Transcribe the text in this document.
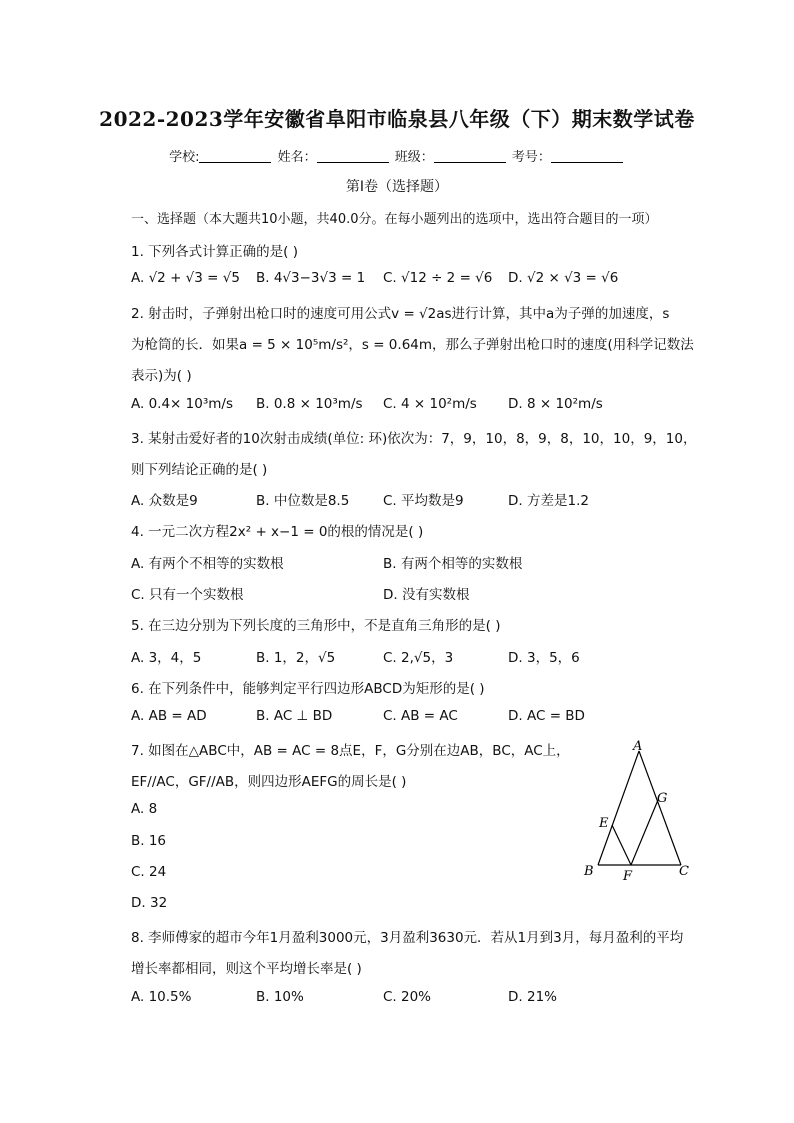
2022-2023学年安徽省阜阳市临泉县八年级（下）期末数学试卷
学校:	姓名：	班级：	考号：
第I卷（选择题）
一、选择题（本大题共10小题，共40.0分。在每小题列出的选项中，选出符合题目的一项）
1. 下列各式计算正确的是( )
A. √2 + √3 = √5 B. 4√3−3√3 = 1 C. √12 ÷ 2 = √6 D. √2 × √3 = √6
2. 射击时，子弹射出枪口时的速度可用公式v = √2as进行计算，其中a为子弹的加速度，s
为枪筒的长．如果a = 5 × 10⁵m/s²，s = 0.64m，那么子弹射出枪口时的速度(用科学记数法
表示)为( )
A. 0.4× 10³m/s B. 0.8 × 10³m/s C. 4 × 10²m/s D. 8 × 10²m/s
3. 某射击爱好者的10次射击成绩(单位: 环)依次为：7，9，10，8，9，8，10，10，9，10，
则下列结论正确的是( )
A. 众数是9	B. 中位数是8.5 C. 平均数是9	D. 方差是1.2
4. 一元二次方程2x² + x−1 = 0的根的情况是( )
A. 有两个不相等的实数根	B. 有两个相等的实数根
C. 只有一个实数根	D. 没有实数根
5. 在三边分别为下列长度的三角形中，不是直角三角形的是( )
A. 3，4，5	B. 1，2，√5	C. 2,√5，3	D. 3，5，6
6. 在下列条件中，能够判定平行四边形ABCD为矩形的是( )
A. AB = AD	B. AC ⊥ BD	C. AB = AC	D. AC = BD
7. 如图在△ABC中，AB = AC = 8点E，F，G分别在边AB，BC，AC上，
EF//AC，GF//AB，则四边形AEFG的周长是( )
A. 8
B. 16
C. 24
D. 32
A
B	C
E
F
G
8. 李师傅家的超市今年1月盈利3000元，3月盈利3630元．若从1月到3月，每月盈利的平均
增长率都相同，则这个平均增长率是( )
A. 10.5%	B. 10%	C. 20%	D. 21%
